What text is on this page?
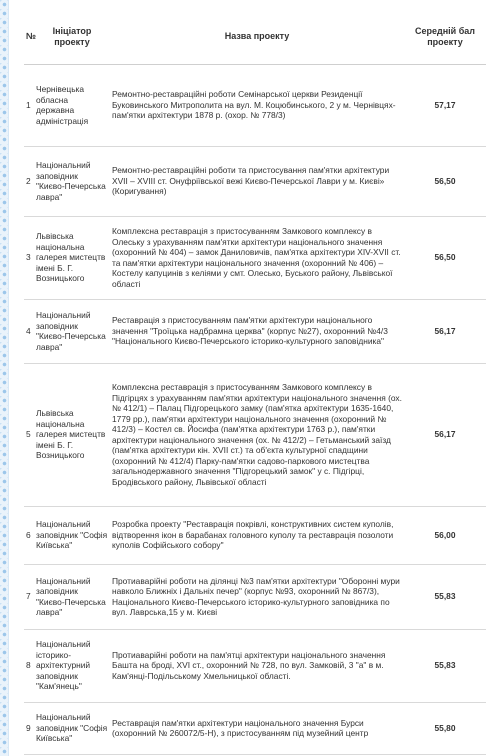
№	Ініціатор проекту	Назва проекту	Середній бал проекту
1	Чернівецька обласна державна адміністрація	Ремонтно-реставраційні роботи Семінарської церкви Резиденції Буковинського Митрополита на вул. М. Коцюбинського, 2 у м. Чернівцях-пам'ятки архітектури 1878 р. (охор. № 778/3)	57,17
2	Національний заповідник "Києво-Печерська лавра"	Ремонтно-реставраційні роботи та пристосування пам'ятки архітектури XVII – XVIII ст. Онуфріївської вежі Києво-Печерської Лаври у м. Києві» (Коригування)	56,50
3	Львівська національна галерея мистецтв імені Б. Г. Возницького	Комплексна реставрація з пристосуванням Замкового комплексу в Олеську з урахуванням пам'ятки архітектури національного значення (охоронний № 404) – замок Даниловичів, пам'ятка архітектури XIV-XVII ст. та пам'ятки архітектури національного значення (охоронний № 406) – Костелу капуцинів з келіями у смт. Олесько, Буського району, Львівської області	56,50
4	Національний заповідник "Києво-Печерська лавра"	Реставрація з пристосуванням пам'ятки архітектури національного значення "Троїцька надбрамна церква" (корпус №27), охоронний №4/3 "Національного Києво-Печерського історико-культурного заповідника"	56,17
5	Львівська національна галерея мистецтв імені Б. Г. Возницького	Комплексна реставрація з пристосуванням Замкового комплексу в Підгірцях з урахуванням пам'ятки архітектури національного значення (ох. № 412/1) – Палац Підгорецького замку (пам'ятка архітектури 1635-1640, 1779 рр.), пам'ятки архітектури національного значення (охоронний № 412/3) – Костел св. Йосифа (пам'ятка архітектури 1763 р.), пам'ятки архітектури національного значення (ох. № 412/2) – Гетьманський заїзд (пам'ятка архітектури кін. XVII ст.) та об'єкта культурної спадщини (охоронний № 412/4) Парку-пам'ятки садово-паркового мистецтва загальнодержавного значення "Підгорецький замок" у с. Підгірці, Бродівського району, Львівської області	56,17
6	Національний заповідник "Софія Київська"	Розробка проекту "Реставрація покрівлі, конструктивних систем куполів, відтворення ікон в барабанах головного куполу та реставрація позолоти куполів Софійського собору"	56,00
7	Національний заповідник "Києво-Печерська лавра"	Протиаварійні роботи на ділянці №3 пам'ятки архітектури "Оборонні мури навколо Ближніх і Дальніх печер" (корпус №93, охоронний № 867/3), Національного Києво-Печерського історико-культурного заповідника по вул. Лаврська,15 у м. Києві	55,83
8	Національний історико-архітектурний заповідник "Кам'янець"	Протиаварійні роботи на пам'ятці архітектури національного значення Башта на броді, XVI ст., охоронний № 728, по вул. Замковій, 3 "а" в м. Кам'янці-Подільському Хмельницької області.	55,83
9	Національний заповідник "Софія Київська"	Реставрація пам'ятки архітектури національного значення Бурси (охоронний № 260072/5-Н), з пристосуванням під музейний центр	55,80
